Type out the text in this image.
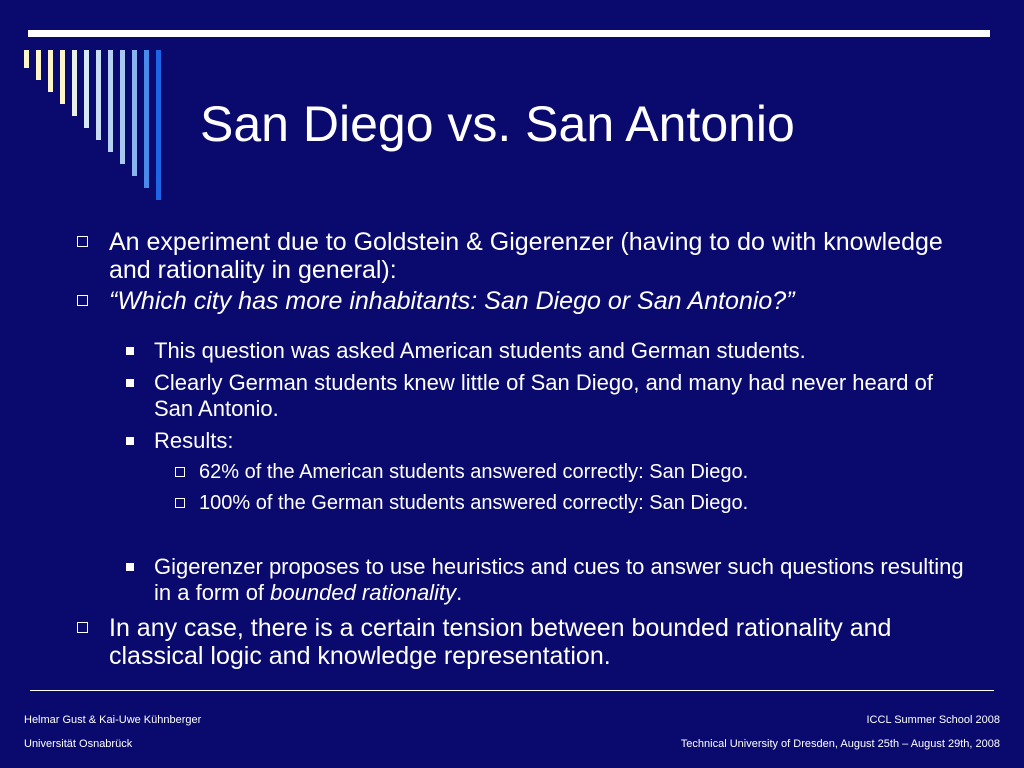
San Diego vs. San Antonio
An experiment due to Goldstein & Gigerenzer (having to do with knowledge and rationality in general):
“Which city has more inhabitants: San Diego or San Antonio?”
This question was asked American students and German students.
Clearly German students knew little of San Diego, and many had never heard of San Antonio.
Results:
62% of the American students answered correctly: San Diego.
100% of the German students answered correctly: San Diego.
Gigerenzer proposes to use heuristics and cues to answer such questions resulting in a form of bounded rationality.
In any case, there is a certain tension between bounded rationality and classical logic and knowledge representation.
Helmar Gust & Kai-Uwe Kühnberger
Universität Osnabrück
ICCL Summer School 2008
Technical University of Dresden, August 25th – August 29th, 2008
